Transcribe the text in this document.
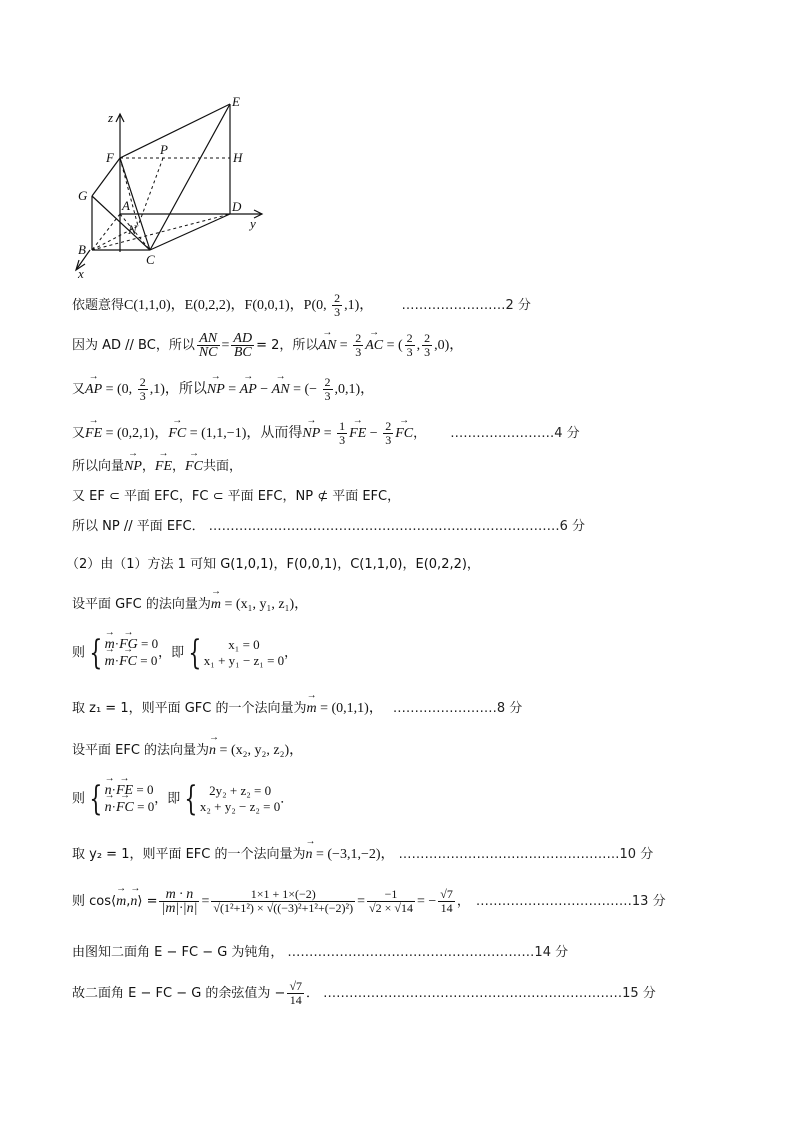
z
E
F
P
H
G
A	D
y
N
B
C
x
依题意得C(1,1,0)，E(0,2,2)，F(0,0,1)，P(0, $\frac{2}{3} ,1$)， ……………………2 分
因为 AD // BC，所以 $\frac{AN}{NC} = \frac{AD}{BC} = 2$，所以→ AN = $\frac{2}{3}$ → AC = ( $\frac{2}{3}$ , $\frac{2}{3} ,0$)，
又→ AP = (0, $\frac{2}{3} ,1$)，所以→ NP = → AP − → AN = (− $\frac{2}{3} ,0,1$)，
又→ FE = (0,2,1)，→ FC = (1,1,−1)，从而得→ NP = $\frac{1}{3}$ → FE − $\frac{2}{3}$ → FC， ……………………4 分
所以向量→ NP，→ FE，→ FC共面，
又 EF ⊂ 平面 EFC，FC ⊂ 平面 EFC，NP ⊄ 平面 EFC，
所以 NP // 平面 EFC． ………………………………………………………………………6 分
（2）由（1）方法 1 可知 G(1,0,1)，F(0,0,1)，C(1,1,0)，E(0,2,2)，
设平面 GFC 的法向量为→ m = (x₁, y₁, z₁)，
则 { → m·→ FG = 0
→ m·→ FC = 0，即 { x₁ = 0
x₁ + y₁ − z₁ = 0，
取 z₁ = 1，则平面 GFC 的一个法向量为→ m = (0,1,1)， ……………………8 分
设平面 EFC 的法向量为→ n = (x₂, y₂, z₂)，
则 { → n·→ FE = 0
→ n·→ FC = 0，即 { 2y₂ + z₂ = 0
x₂ + y₂ − z₂ = 0．
取 y₂ = 1，则平面 EFC 的一个法向量为→ n = (−3,1,−2)， ……………………………………………10 分
则 cos⟨→ m,→ n⟩ = $\frac{m \cdot n}{|m|\cdot|n|} = \frac{1\times 1 + 1\times(-2)}{\text{√(1²+1²) × √((−3)²+1²+(−2)²)}} = \frac{-1}{√2 \times √14}$ = − $\frac{√7}{14}$ ， ………………………………13 分
由图知二面角 E − FC − G 为钝角， …………………………………………………14 分
故二面角 E − FC − G 的余弦值为 − $\frac{√7}{14}$ ． ……………………………………………………………15 分
